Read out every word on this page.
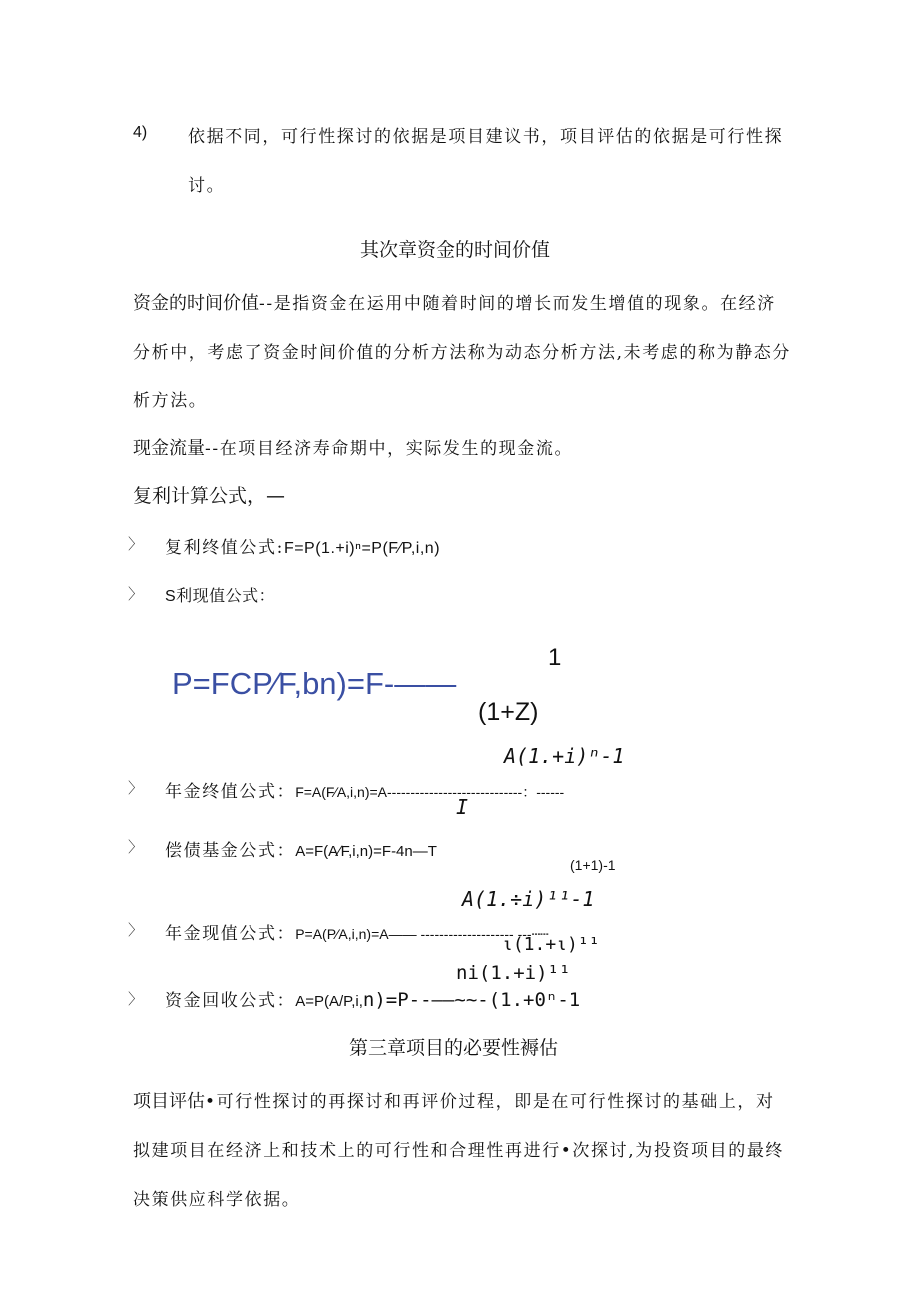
4) 依据不同，可行性探讨的依据是项目建议书，项目评估的依据是可行性探
讨。
其次章资金的时间价值
资金的时间价值--是指资金在运用中随着时间的增长而发生增值的现象。在经济
分析中，考虑了资金时间价值的分析方法称为动态分析方法,未考虑的称为静态分
析方法。
现金流量--在项目经济寿命期中，实际发生的现金流。
复利计算公式，—
〉 复利终值公式:F=P(1.+i)ⁿ=P(F∕P,i,n)
〉 S利现值公式：
P=FCP∕F,bn)=F-——
1
(1+Z)
A(1.+i)ⁿ-1
〉 年金终值公式：F=A(F∕A,i,n)=A-----------------------------：------
I
〉 偿债基金公式：A=F(A∕F,i,n)=F-4n—T
(1+1)-1
A(1.÷i)¹¹-1
〉 年金现值公式：P=A(P∕A,i,n)=A—— -------------------- ---┄┄
ι(1.+ι)¹¹
ni(1.+i)¹¹
〉 资金回收公式：A=P(A/P,i,n)=P--——~~-(1.+0ⁿ-1
第三章项目的必要性褥估
项目评估•可行性探讨的再探讨和再评价过程，即是在可行性探讨的基础上，对
拟建项目在经济上和技术上的可行性和合理性再进行•次探讨,为投资项目的最终
决策供应科学依据。
